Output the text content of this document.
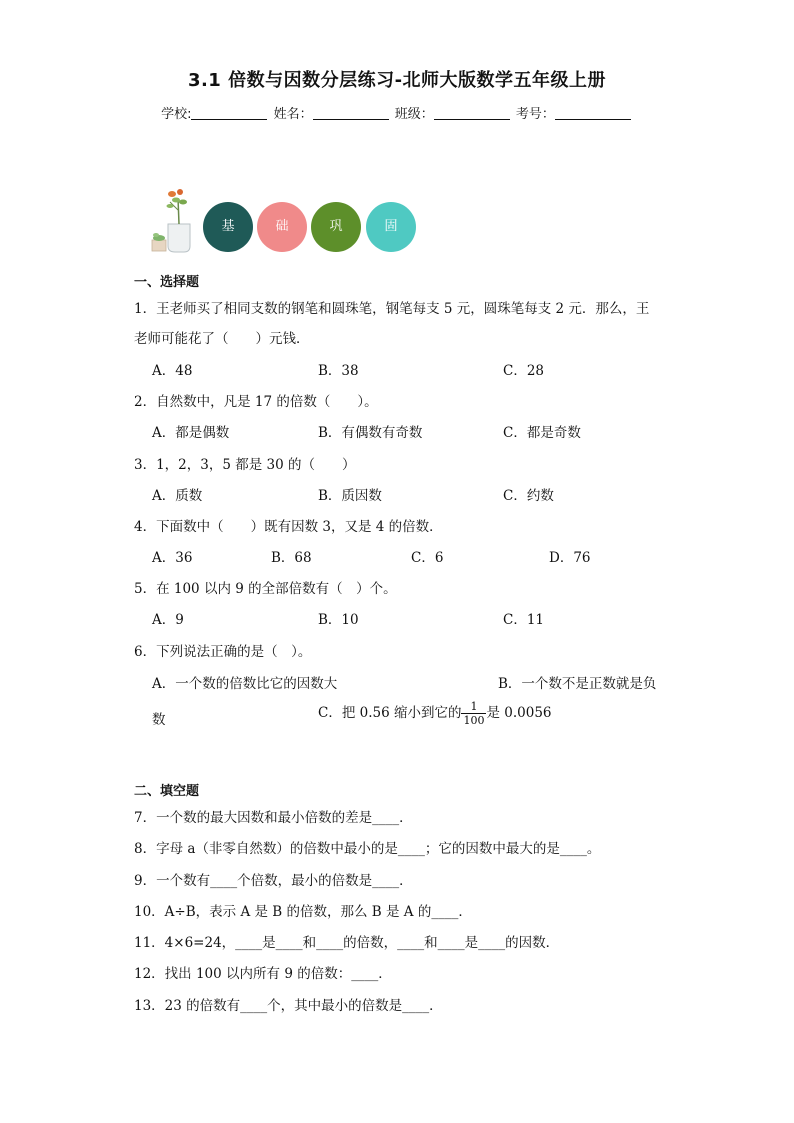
3.1 倍数与因数分层练习-北师大版数学五年级上册
学校:	姓名：	班级：	考号：
基	础	巩	固
一、选择题
1．王老师买了相同支数的钢笔和圆珠笔，钢笔每支 5 元，圆珠笔每支 2 元．那么，王
老师可能花了（　　）元钱．
A．48	B．38	C．28
2．自然数中，凡是 17 的倍数（　　）。
A．都是偶数	B．有偶数有奇数	C．都是奇数
3．1，2，3，5 都是 30 的（　　）
A．质数	B．质因数	C．约数
4．下面数中（　　）既有因数 3，又是 4 的倍数．
A．36	B．68	C．6	D．76
5．在 100 以内 9 的全部倍数有（　）个。
A．9	B．10	C．11
6．下列说法正确的是（　）。
A．一个数的倍数比它的因数大	B．一个数不是正数就是负
数	C．把 0.56 缩小到它的 $\frac{1}{100}$ 是 0.0056
二、填空题
7．一个数的最大因数和最小倍数的差是____．
8．字母 a（非零自然数）的倍数中最小的是____；它的因数中最大的是____。
9．一个数有____个倍数，最小的倍数是____．
10．A÷B，表示 A 是 B 的倍数，那么 B 是 A 的____．
11．4×6=24，____是____和____的倍数，____和____是____的因数．
12．找出 100 以内所有 9 的倍数：____．
13．23 的倍数有____个，其中最小的倍数是____．
